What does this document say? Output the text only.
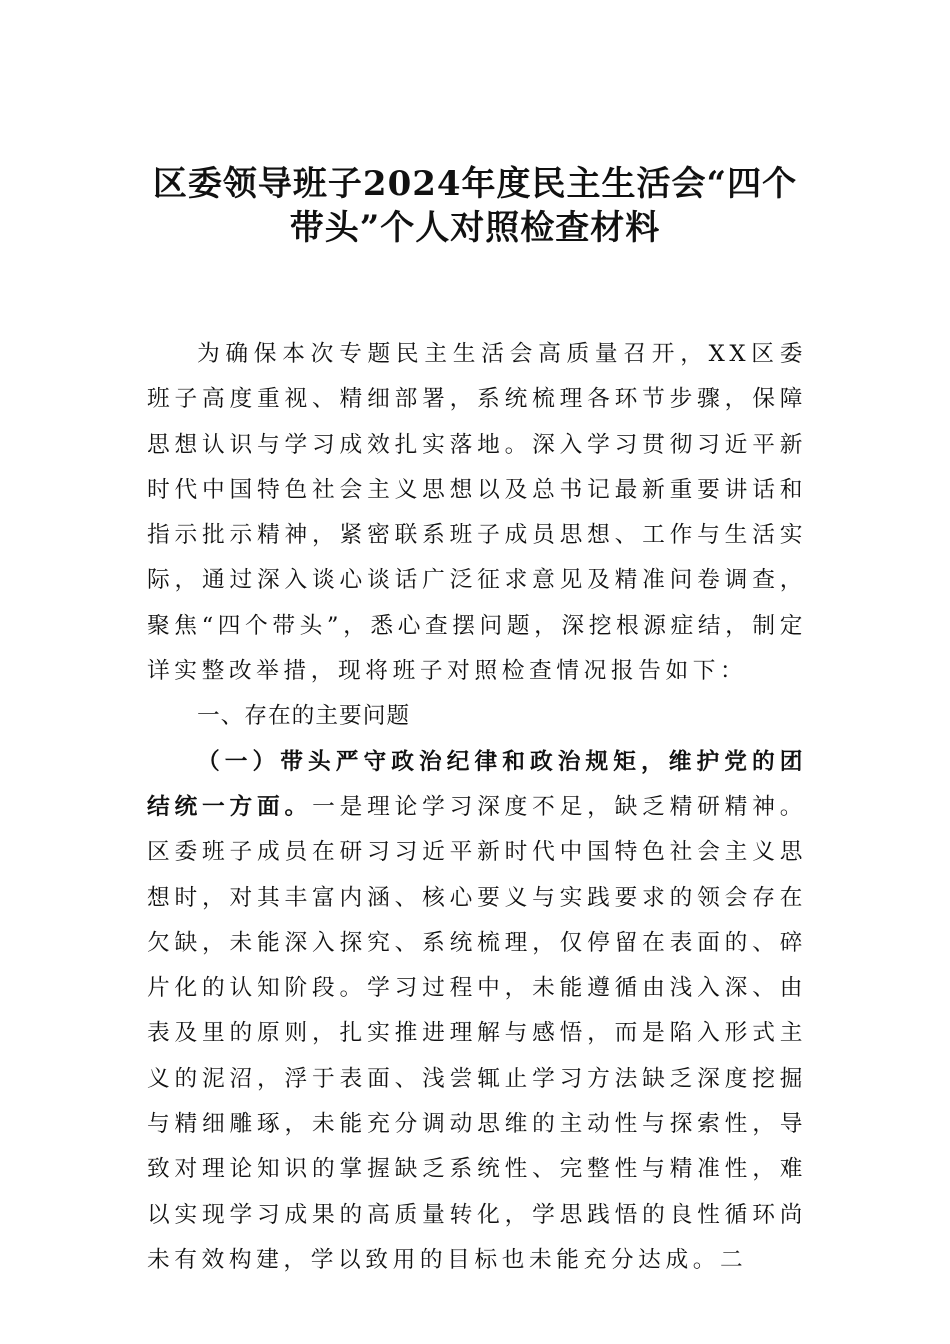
区委领导班子2024年度民主生活会“四个
带头”个人对照检查材料

为确保本次专题民主生活会高质量召开，XX区委班子高度重视、精细部署，系统梳理各环节步骤，保障思想认识与学习成效扎实落地。深入学习贯彻习近平新时代中国特色社会主义思想以及总书记最新重要讲话和指示批示精神，紧密联系班子成员思想、工作与生活实际，通过深入谈心谈话广泛征求意见及精准问卷调查，聚焦“四个带头”，悉心查摆问题，深挖根源症结，制定详实整改举措，现将班子对照检查情况报告如下：

一、存在的主要问题

（一）带头严守政治纪律和政治规矩，维护党的团结统一方面。一是理论学习深度不足，缺乏精研精神。区委班子成员在研习习近平新时代中国特色社会主义思想时，对其丰富内涵、核心要义与实践要求的领会存在欠缺，未能深入探究、系统梳理，仅停留在表面的、碎片化的认知阶段。学习过程中，未能遵循由浅入深、由表及里的原则，扎实推进理解与感悟，而是陷入形式主义的泥沼，浮于表面、浅尝辄止学习方法缺乏深度挖掘与精细雕琢，未能充分调动思维的主动性与探索性，导致对理论知识的掌握缺乏系统性、完整性与精准性，难以实现学习成果的高质量转化，学思践悟的良性循环尚未有效构建，学以致用的目标也未能充分达成。二
